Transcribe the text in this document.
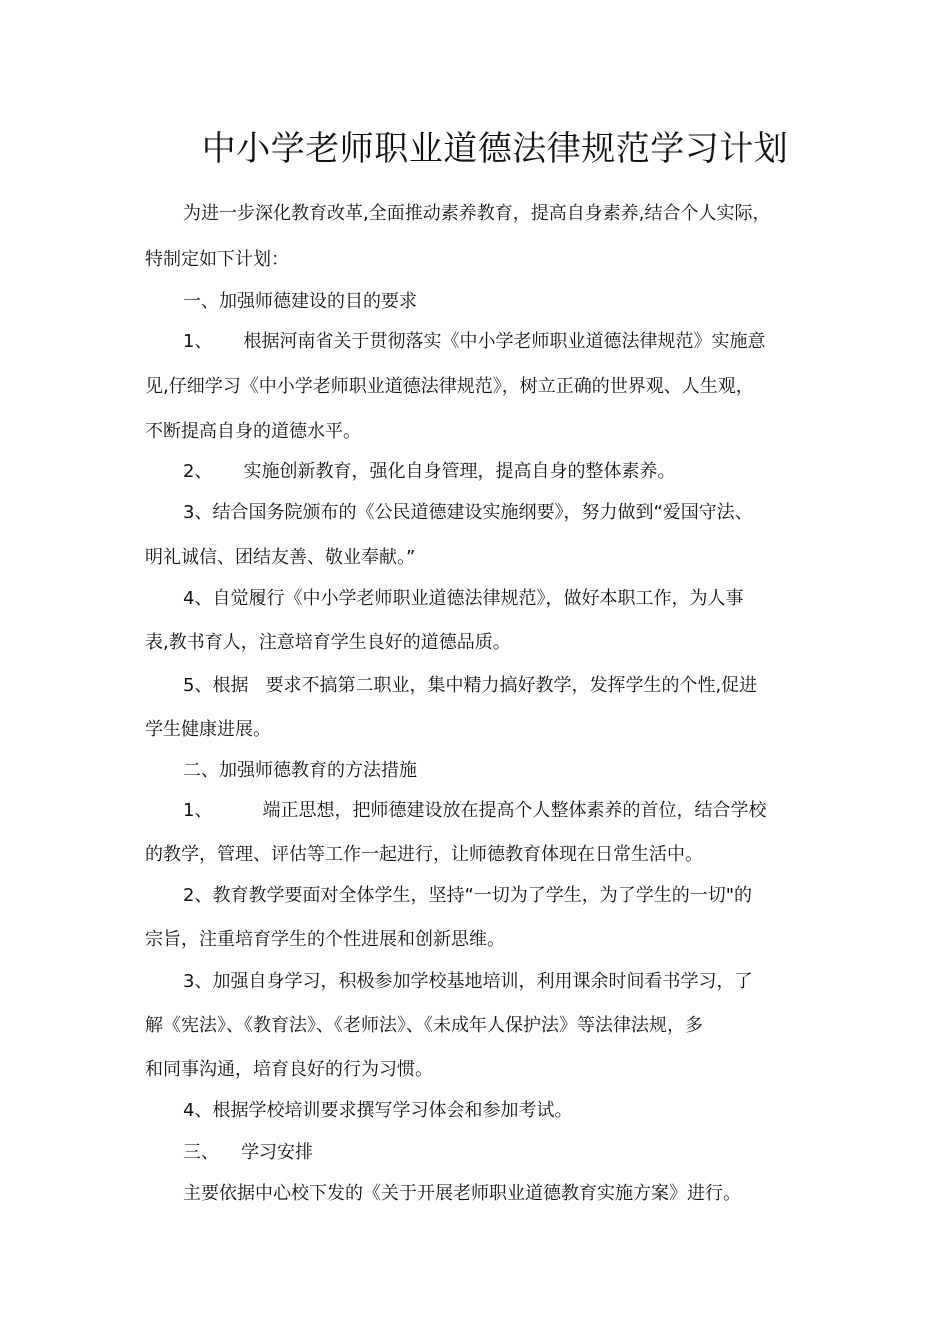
中小学老师职业道德法律规范学习计划
为进一步深化教育改革,全面推动素养教育，提高自身素养,结合个人实际，
特制定如下计划：
一、加强师德建设的目的要求
1、 根据河南省关于贯彻落实《中小学老师职业道德法律规范》实施意
见,仔细学习《中小学老师职业道德法律规范》，树立正确的世界观、人生观，
不断提高自身的道德水平。
2、 实施创新教育，强化自身管理，提高自身的整体素养。
3、结合国务院颁布的《公民道德建设实施纲要》，努力做到“爱国守法、
明礼诚信、团结友善、敬业奉献。”
4、自觉履行《中小学老师职业道德法律规范》，做好本职工作，为人事
表,教书育人，注意培育学生良好的道德品质。
5、根据 要求不搞第二职业，集中精力搞好教学，发挥学生的个性,促进
学生健康进展。
二、加强师德教育的方法措施
1、	端正思想，把师德建设放在提高个人整体素养的首位，结合学校
的教学，管理、评估等工作一起进行，让师德教育体现在日常生活中。
2、教育教学要面对全体学生，坚持“一切为了学生，为了学生的一切"的
宗旨，注重培育学生的个性进展和创新思维。
3、加强自身学习，积极参加学校基地培训，利用课余时间看书学习，了
解《宪法》、《教育法》、《老师法》、《未成年人保护法》等法律法规，多
和同事沟通，培育良好的行为习惯。
4、根据学校培训要求撰写学习体会和参加考试。
三、 学习安排
主要依据中心校下发的《关于开展老师职业道德教育实施方案》进行。
